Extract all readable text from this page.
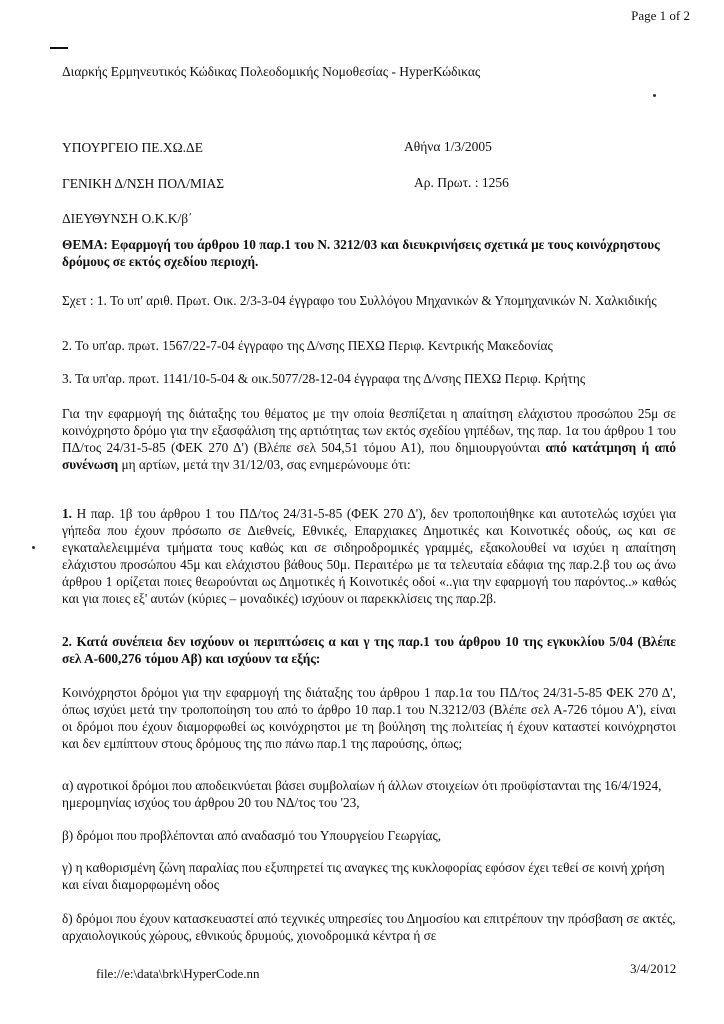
Page 1 of 2
Διαρκής Ερμηνευτικός Κώδικας Πολεοδομικής Νομοθεσίας - HyperΚώδικας
ΥΠΟΥΡΓΕΙΟ ΠΕ.ΧΩ.ΔΕ	Αθήνα 1/3/2005
ΓΕΝΙΚΗ Δ/ΝΣΗ ΠΟΛ/ΜΙΑΣ	Αρ. Πρωτ. : 1256
ΔΙΕΥΘΥΝΣΗ Ο.Κ.Κ/β΄
ΘΕΜΑ: Εφαρμογή του άρθρου 10 παρ.1 του Ν. 3212/03 και διευκρινήσεις σχετικά με τους κοινόχρηστους δρόμους σε εκτός σχεδίου περιοχή.
Σχετ : 1. Το υπ' αριθ. Πρωτ. Οικ. 2/3-3-04 έγγραφο του Συλλόγου Μηχανικών & Υπομηχανικών Ν. Χαλκιδικής
2. Το υπ'αρ. πρωτ. 1567/22-7-04 έγγραφο της Δ/νσης ΠΕΧΩ Περιφ. Κεντρικής Μακεδονίας
3. Τα υπ'αρ. πρωτ. 1141/10-5-04 & οικ.5077/28-12-04 έγγραφα της Δ/νσης ΠΕΧΩ Περιφ. Κρήτης
Για την εφαρμογή της διάταξης του θέματος με την οποία θεσπίζεται η απαίτηση ελάχιστου προσώπου 25μ σε κοινόχρηστο δρόμο για την εξασφάλιση της αρτιότητας των εκτός σχεδίου γηπέδων, της παρ. 1α του άρθρου 1 του ΠΔ/τος 24/31-5-85 (ΦΕΚ 270 Δ') (Βλέπε σελ 504,51 τόμου Α1), που δημιουργούνται από κατάτμηση ή από συνένωση μη αρτίων, μετά την 31/12/03, σας ενημερώνουμε ότι:
1. Η παρ. 1β του άρθρου 1 του ΠΔ/τος 24/31-5-85 (ΦΕΚ 270 Δ'), δεν τροποποιήθηκε και αυτοτελώς ισχύει για γήπεδα που έχουν πρόσωπο σε Διεθνείς, Εθνικές, Επαρχιακες Δημοτικές και Κοινοτικές οδούς, ως και σε εγκαταλελειμμένα τμήματα τους καθώς και σε σιδηροδρομικές γραμμές, εξακολουθεί να ισχύει η απαίτηση ελάχιστου προσώπου 45μ και ελάχιστου βάθους 50μ. Περαιτέρω με τα τελευταία εδάφια της παρ.2.β του ως άνω άρθρου 1 ορίζεται ποιες θεωρούνται ως Δημοτικές ή Κοινοτικές οδοί «..για την εφαρμογή του παρόντος..» καθώς και για ποιες εξ' αυτών (κύριες – μοναδικές) ισχύουν οι παρεκκλίσεις της παρ.2β.
2. Κατά συνέπεια δεν ισχύουν οι περιπτώσεις α και γ της παρ.1 του άρθρου 10 της εγκυκλίου 5/04 (Βλέπε σελ Α-600,276 τόμου Αβ) και ισχύουν τα εξής:
Κοινόχρηστοι δρόμοι για την εφαρμογή της διάταξης του άρθρου 1 παρ.1α του ΠΔ/τος 24/31-5-85 ΦΕΚ 270 Δ', όπως ισχύει μετά την τροποποίηση του από το άρθρο 10 παρ.1 του Ν.3212/03 (Βλέπε σελ Α-726 τόμου Α'), είναι οι δρόμοι που έχουν διαμορφωθεί ως κοινόχρηστοι με τη βούληση της πολιτείας ή έχουν καταστεί κοινόχρηστοι και δεν εμπίπτουν στους δρόμους της πιο πάνω παρ.1 της παρούσης, όπως;
α) αγροτικοί δρόμοι που αποδεικνύεται βάσει συμβολαίων ή άλλων στοιχείων ότι προϋφίστανται της 16/4/1924, ημερομηνίας ισχύος του άρθρου 20 του ΝΔ/τος του '23,
β) δρόμοι που προβλέπονται από αναδασμό του Υπουργείου Γεωργίας,
γ) η καθορισμένη ζώνη παραλίας που εξυπηρετεί τις αναγκες της κυκλοφορίας εφόσον έχει τεθεί σε κοινή χρήση και είναι διαμορφωμένη οδος
δ) δρόμοι που έχουν κατασκευαστεί από τεχνικές υπηρεσίες του Δημοσίου και επιτρέπουν την πρόσβαση σε ακτές, αρχαιολογικούς χώρους, εθνικούς δρυμούς, χιονοδρομικά κέντρα ή σε
file://e:\data\brk\HyperCode.nn	3/4/2012
